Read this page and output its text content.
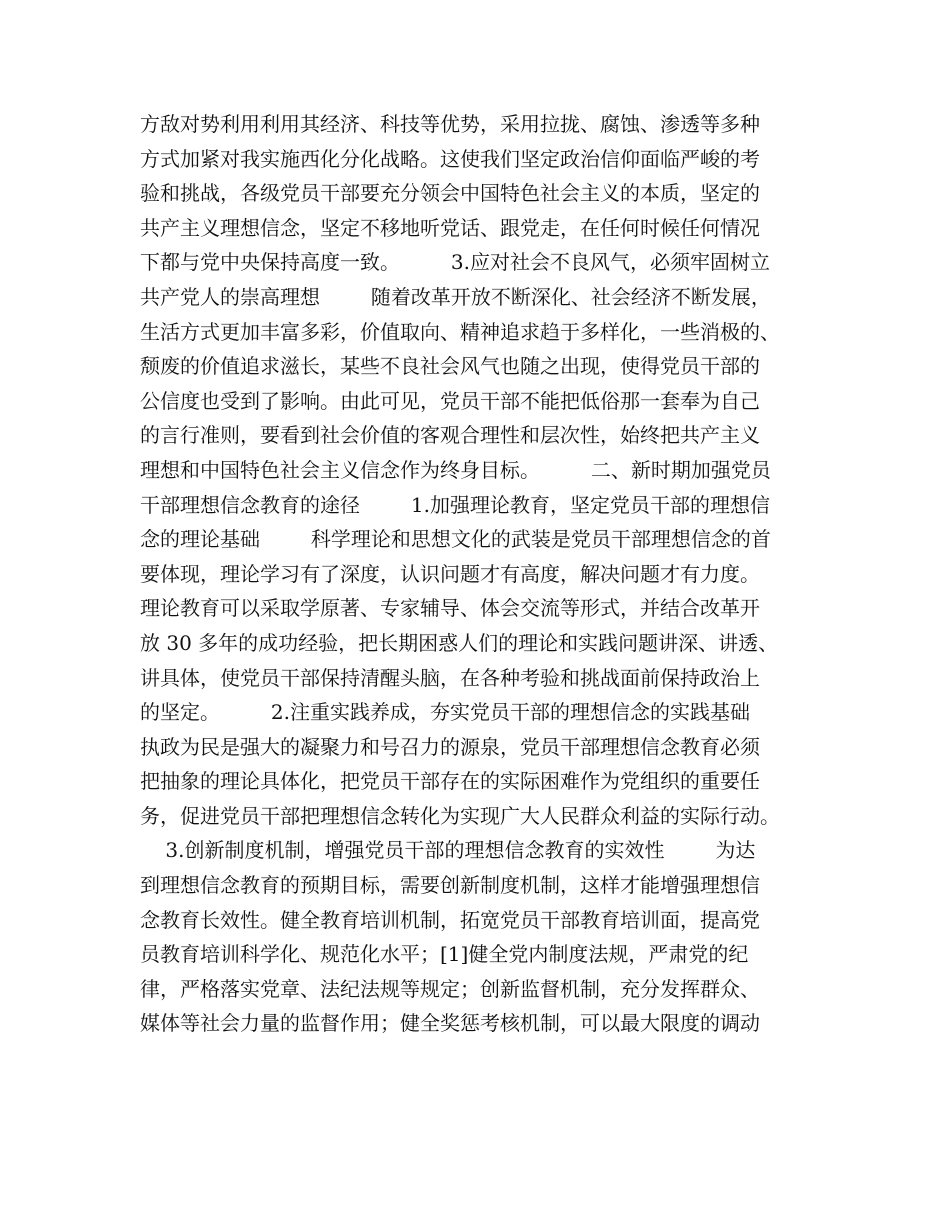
方敌对势利用利用其经济、科技等优势，采用拉拢、腐蚀、渗透等多种
方式加紧对我实施西化分化战略。这使我们坚定政治信仰面临严峻的考
验和挑战，各级党员干部要充分领会中国特色社会主义的本质，坚定的
共产主义理想信念，坚定不移地听党话、跟党走，在任何时候任何情况
下都与党中央保持高度一致。        3.应对社会不良风气，必须牢固树立
共产党人的崇高理想        随着改革开放不断深化、社会经济不断发展，
生活方式更加丰富多彩，价值取向、精神追求趋于多样化，一些消极的、
颓废的价值追求滋长，某些不良社会风气也随之出现，使得党员干部的
公信度也受到了影响。由此可见，党员干部不能把低俗那一套奉为自己
的言行准则，要看到社会价值的客观合理性和层次性，始终把共产主义
理想和中国特色社会主义信念作为终身目标。        二、新时期加强党员
干部理想信念教育的途径        1.加强理论教育，坚定党员干部的理想信
念的理论基础        科学理论和思想文化的武装是党员干部理想信念的首
要体现，理论学习有了深度，认识问题才有高度，解决问题才有力度。
理论教育可以采取学原著、专家辅导、体会交流等形式，并结合改革开
放 30 多年的成功经验，把长期困惑人们的理论和实践问题讲深、讲透、
讲具体，使党员干部保持清醒头脑，在各种考验和挑战面前保持政治上
的坚定。        2.注重实践养成，夯实党员干部的理想信念的实践基础
执政为民是强大的凝聚力和号召力的源泉，党员干部理想信念教育必须
把抽象的理论具体化，把党员干部存在的实际困难作为党组织的重要任
务，促进党员干部把理想信念转化为实现广大人民群众利益的实际行动。
3.创新制度机制，增强党员干部的理想信念教育的实效性        为达
到理想信念教育的预期目标，需要创新制度机制，这样才能增强理想信
念教育长效性。健全教育培训机制，拓宽党员干部教育培训面，提高党
员教育培训科学化、规范化水平；[1]健全党内制度法规，严肃党的纪
律，严格落实党章、法纪法规等规定；创新监督机制，充分发挥群众、
媒体等社会力量的监督作用；健全奖惩考核机制，可以最大限度的调动
